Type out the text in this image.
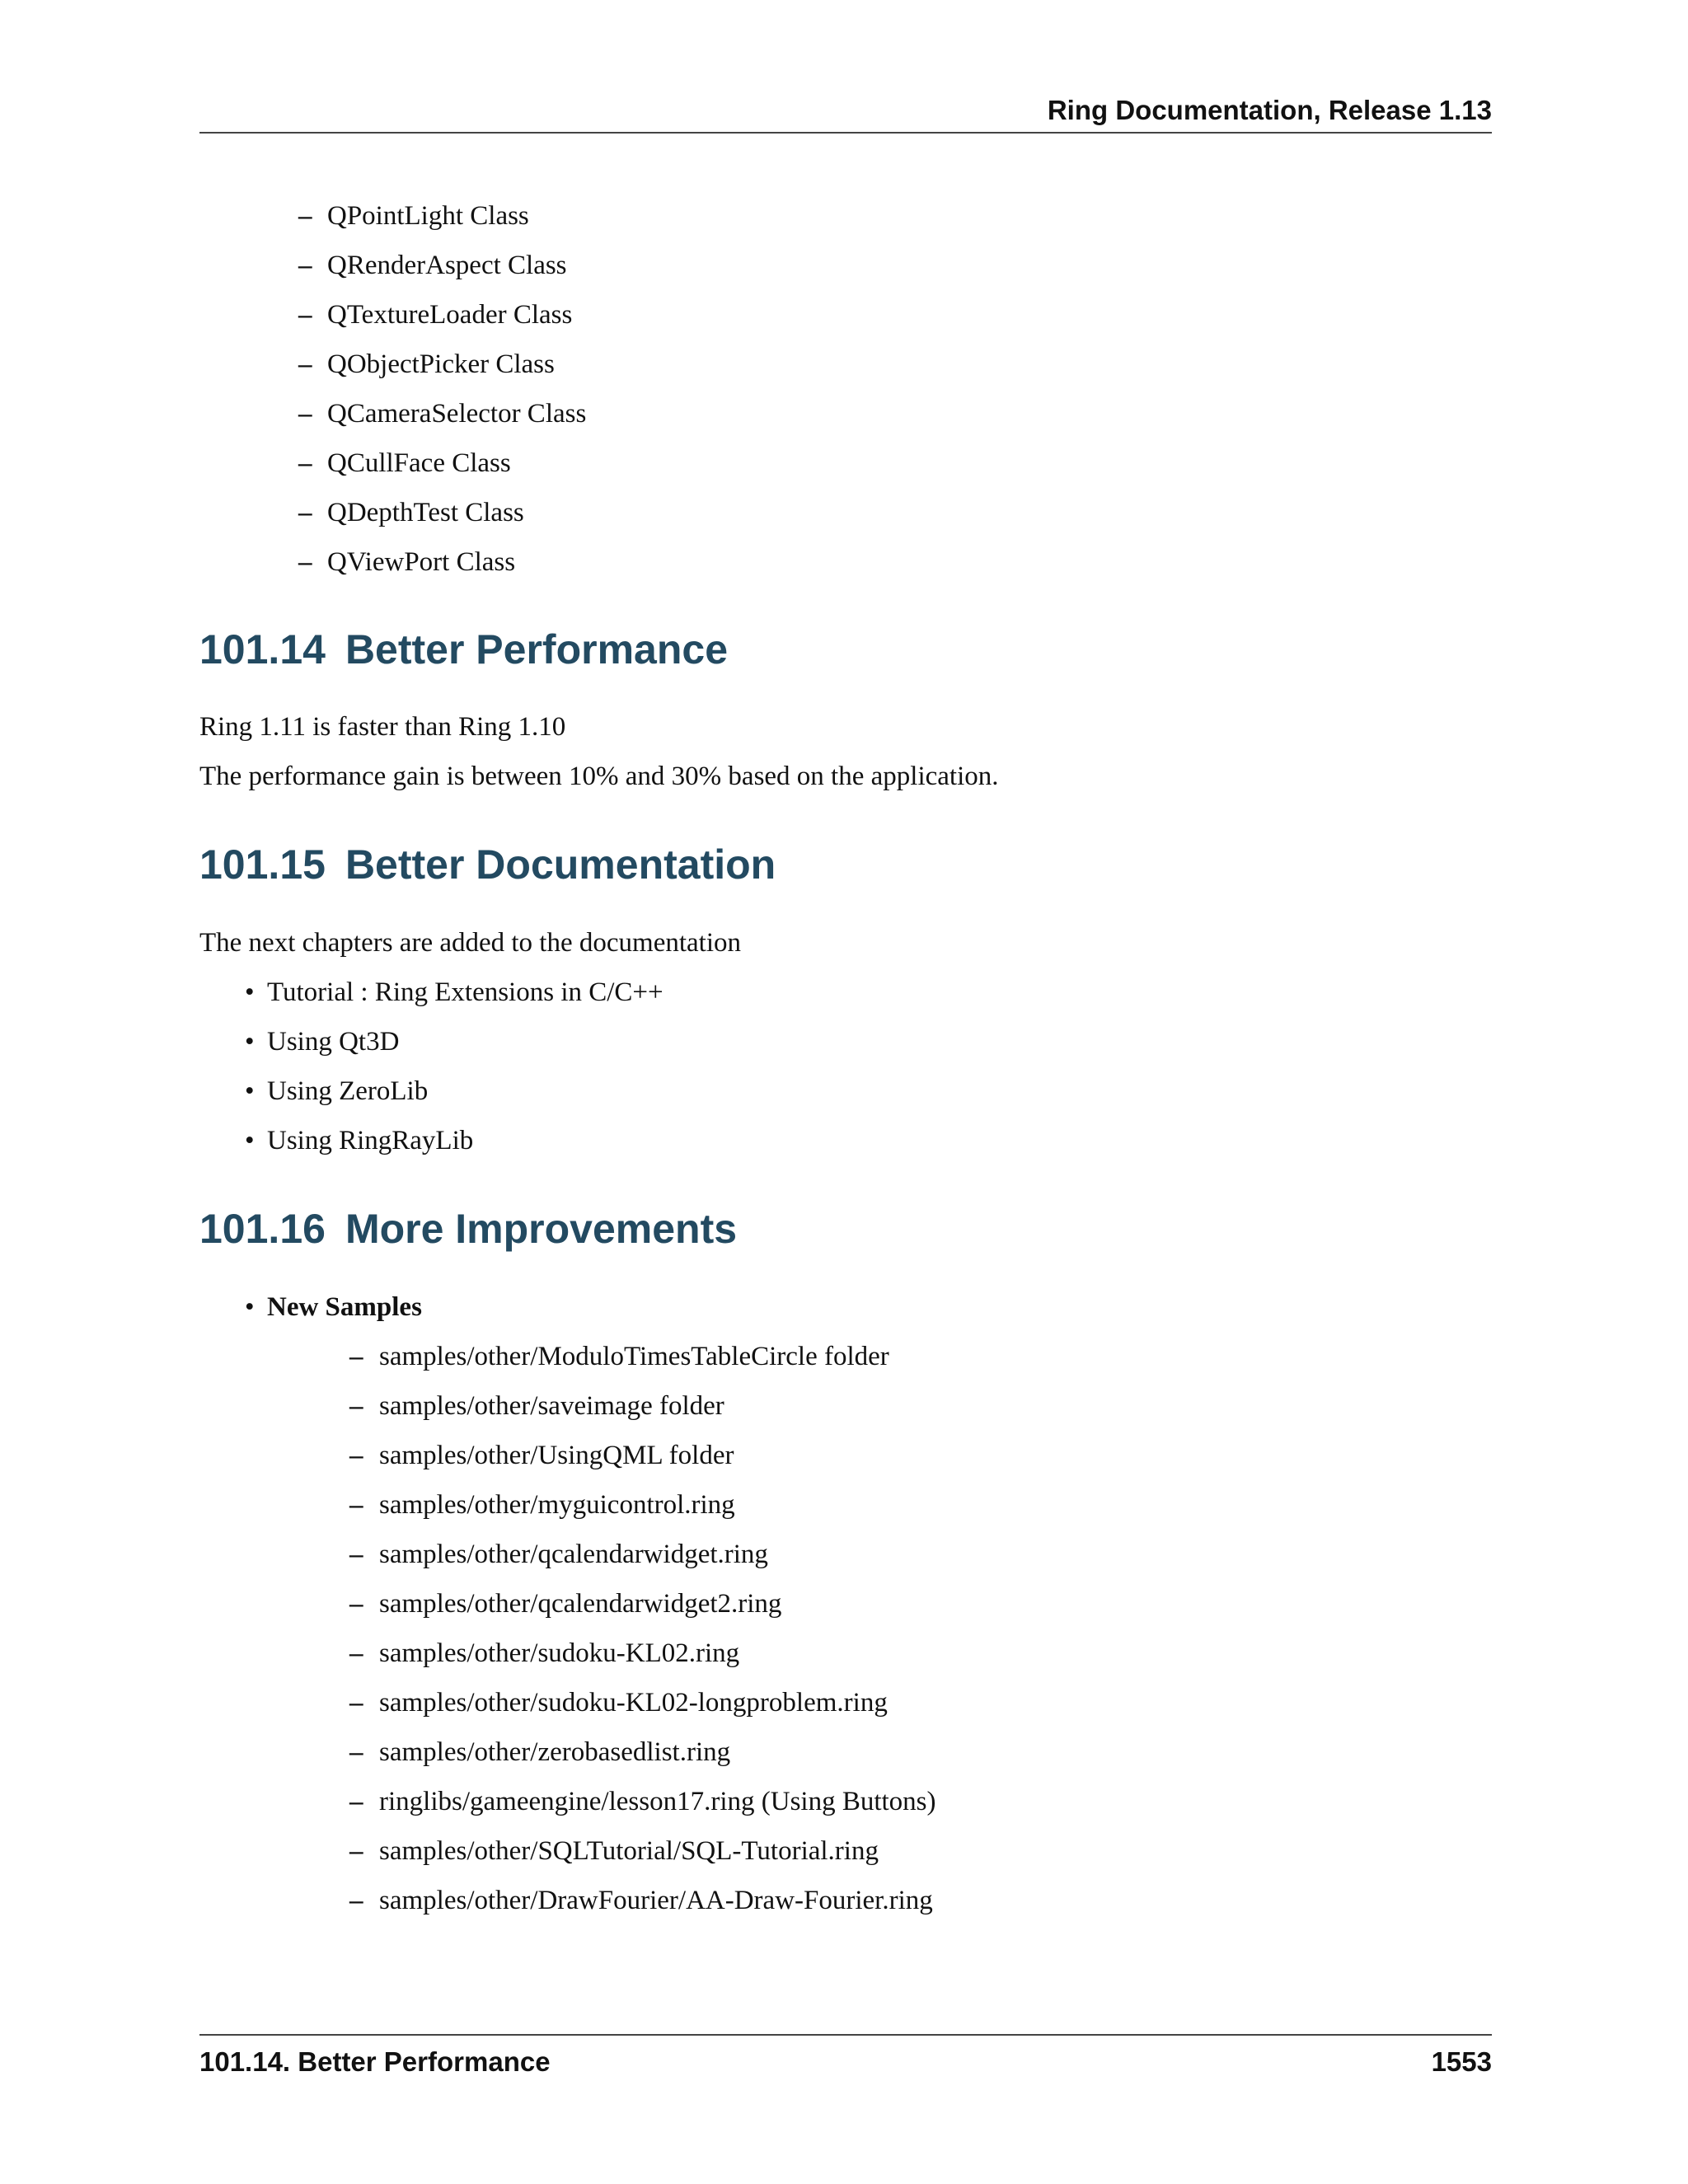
Ring Documentation, Release 1.13
– QPointLight Class
– QRenderAspect Class
– QTextureLoader Class
– QObjectPicker Class
– QCameraSelector Class
– QCullFace Class
– QDepthTest Class
– QViewPort Class
101.14 Better Performance

Ring 1.11 is faster than Ring 1.10

The performance gain is between 10% and 30% based on the application.

101.15 Better Documentation

The next chapters are added to the documentation

• Tutorial : Ring Extensions in C/C++
• Using Qt3D
• Using ZeroLib
• Using RingRayLib
101.16 More Improvements
• New Samples
– samples/other/ModuloTimesTableCircle folder
– samples/other/saveimage folder
– samples/other/UsingQML folder
– samples/other/myguicontrol.ring
– samples/other/qcalendarwidget.ring
– samples/other/qcalendarwidget2.ring
– samples/other/sudoku-KL02.ring
– samples/other/sudoku-KL02-longproblem.ring
– samples/other/zerobasedlist.ring
– ringlibs/gameengine/lesson17.ring (Using Buttons)
– samples/other/SQLTutorial/SQL-Tutorial.ring
– samples/other/DrawFourier/AA-Draw-Fourier.ring
101.14. Better Performance	1553
